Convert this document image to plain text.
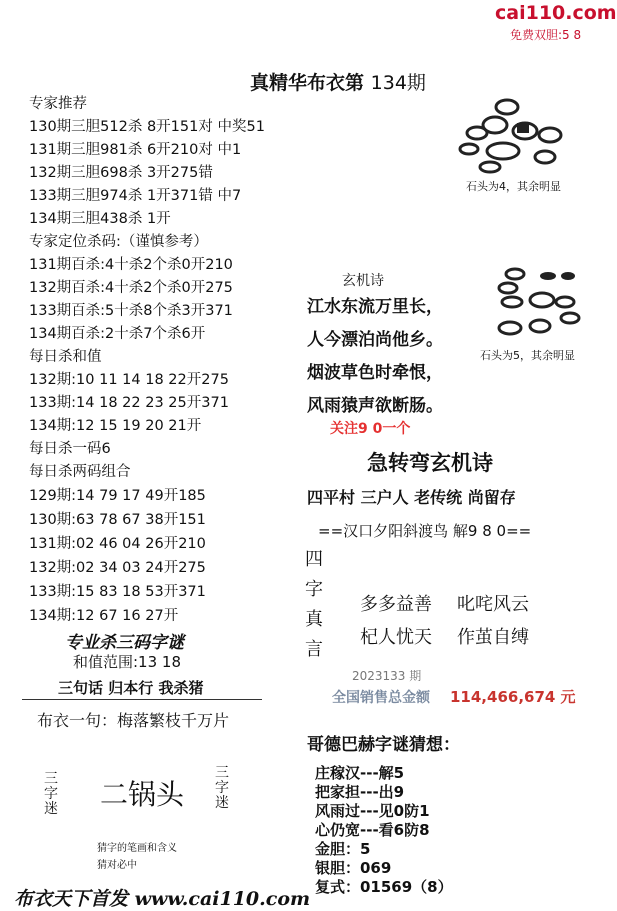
cai110.com
免费双胆:5 8
真精华布衣第 134期
专家推荐
130期三胆512杀 8开151对 中奖51
131期三胆981杀 6开210对 中1
132期三胆698杀 3开275错
133期三胆974杀 1开371错 中7
134期三胆438杀 1开
专家定位杀码:（谨慎参考）
131期百杀:4十杀2个杀0开210
132期百杀:4十杀2个杀0开275
133期百杀:5十杀8个杀3开371
134期百杀:2十杀7个杀6开
每日杀和值
132期:10 11 14 18 22开275
133期:14 18 22 23 25开371
134期:12 15 19 20 21开
每日杀一码6
每日杀两码组合
129期:14 79 17 49开185
130期:63 78 67 38开151
131期:02 46 04 26开210
132期:02 34 03 24开275
133期:15 83 18 53开371
134期:12 67 16 27开
专业杀三码字谜
和值范围:13 18
三句话 归本行 我杀猪
布衣一句：梅落繁枝千万片
三字迷 二锅头
三字迷
猜字的笔画和含义
猜对必中
布衣天下首发 www.cai110.com
石头为4，其余明显
玄机诗
江水东流万里长，
人今漂泊尚他乡。
烟波草色时牵恨，
风雨猿声欲断肠。
关注9 0一个
石头为5，其余明显
急转弯玄机诗
四平村 三户人 老传统 尚留存
==汉口夕阳斜渡鸟 解9 8 0==
四字真言
多多益善 叱咤风云
杞人忧天 作茧自缚
2023133 期
全国销售总金额 114,466,674 元
哥德巴赫字谜猜想：
庄稼汉---解5
把家担---出9
风雨过---见0防1
心仍宽---看6防8
金胆：5
银胆：069
复式：01569（8）
